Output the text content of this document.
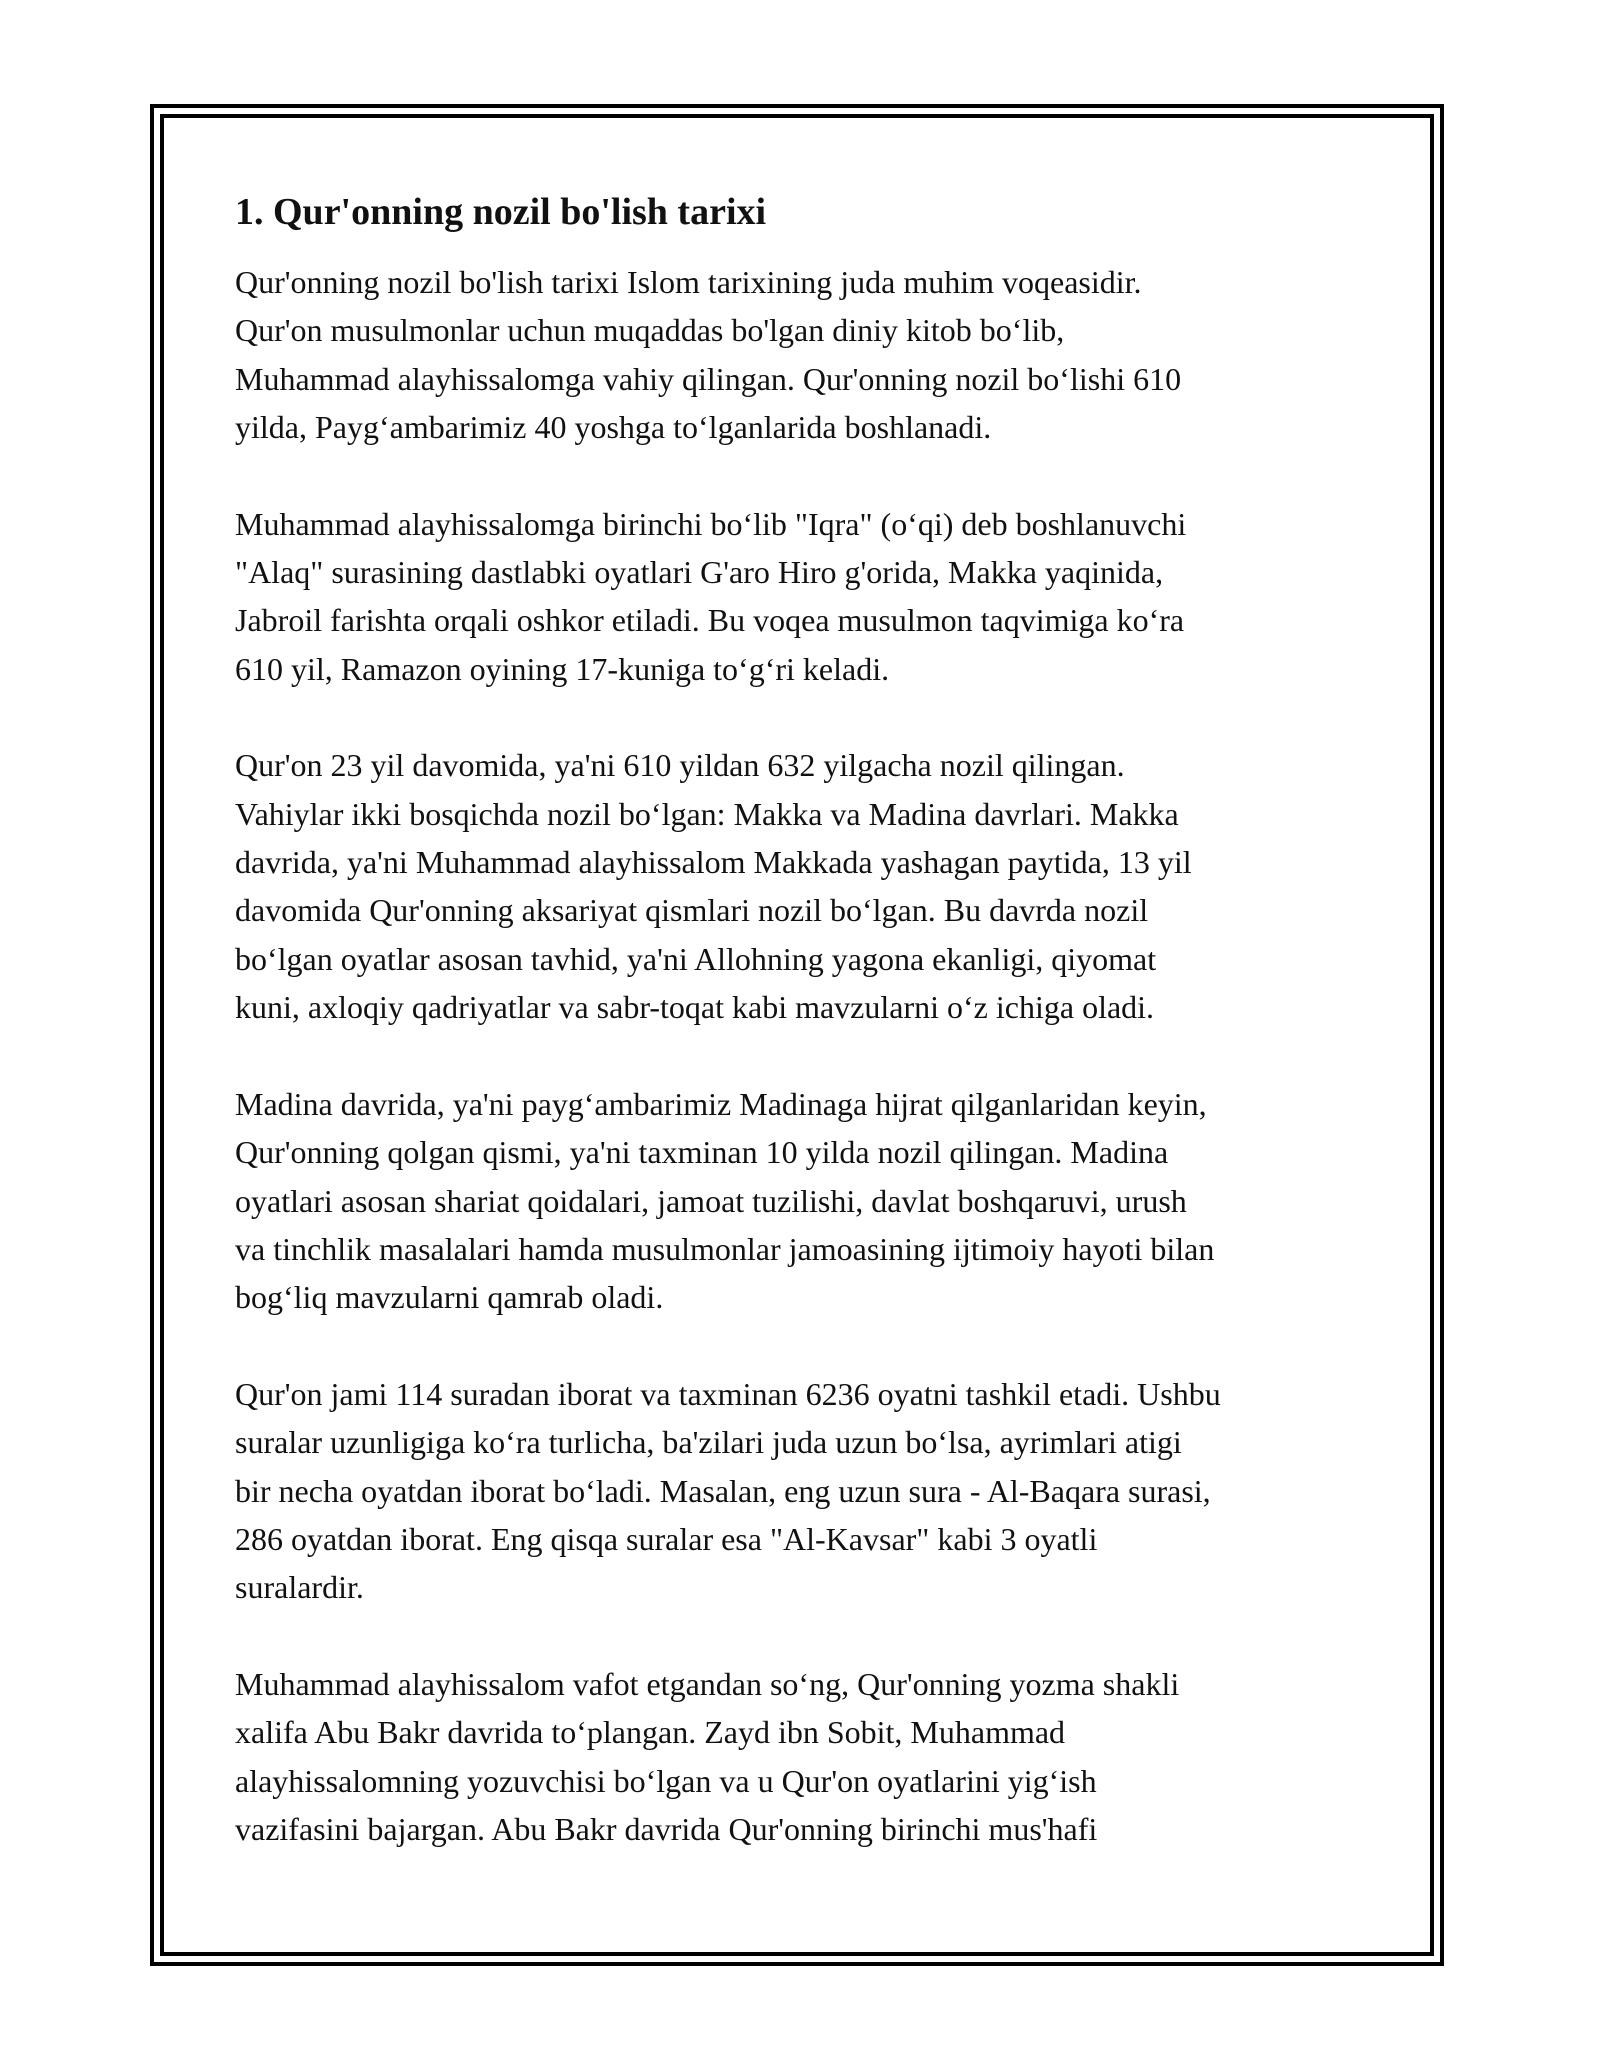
1. Qur'onning nozil bo'lish tarixi

Qur'onning nozil bo'lish tarixi Islom tarixining juda muhim voqeasidir.
Qur'on musulmonlar uchun muqaddas bo'lgan diniy kitob bo‘lib,
Muhammad alayhissalomga vahiy qilingan. Qur'onning nozil bo‘lishi 610
yilda, Payg‘ambarimiz 40 yoshga to‘lganlarida boshlanadi.

Muhammad alayhissalomga birinchi bo‘lib "Iqra" (o‘qi) deb boshlanuvchi
"Alaq" surasining dastlabki oyatlari G'aro Hiro g'orida, Makka yaqinida,
Jabroil farishta orqali oshkor etiladi. Bu voqea musulmon taqvimiga ko‘ra
610 yil, Ramazon oyining 17-kuniga to‘g‘ri keladi.

Qur'on 23 yil davomida, ya'ni 610 yildan 632 yilgacha nozil qilingan.
Vahiylar ikki bosqichda nozil bo‘lgan: Makka va Madina davrlari. Makka
davrida, ya'ni Muhammad alayhissalom Makkada yashagan paytida, 13 yil
davomida Qur'onning aksariyat qismlari nozil bo‘lgan. Bu davrda nozil
bo‘lgan oyatlar asosan tavhid, ya'ni Allohning yagona ekanligi, qiyomat
kuni, axloqiy qadriyatlar va sabr-toqat kabi mavzularni o‘z ichiga oladi.

Madina davrida, ya'ni payg‘ambarimiz Madinaga hijrat qilganlaridan keyin,
Qur'onning qolgan qismi, ya'ni taxminan 10 yilda nozil qilingan. Madina
oyatlari asosan shariat qoidalari, jamoat tuzilishi, davlat boshqaruvi, urush
va tinchlik masalalari hamda musulmonlar jamoasining ijtimoiy hayoti bilan
bog‘liq mavzularni qamrab oladi.

Qur'on jami 114 suradan iborat va taxminan 6236 oyatni tashkil etadi. Ushbu
suralar uzunligiga ko‘ra turlicha, ba'zilari juda uzun bo‘lsa, ayrimlari atigi
bir necha oyatdan iborat bo‘ladi. Masalan, eng uzun sura - Al-Baqara surasi,
286 oyatdan iborat. Eng qisqa suralar esa "Al-Kavsar" kabi 3 oyatli
suralardir.

Muhammad alayhissalom vafot etgandan so‘ng, Qur'onning yozma shakli
xalifa Abu Bakr davrida to‘plangan. Zayd ibn Sobit, Muhammad
alayhissalomning yozuvchisi bo‘lgan va u Qur'on oyatlarini yig‘ish
vazifasini bajargan. Abu Bakr davrida Qur'onning birinchi mus'hafi
